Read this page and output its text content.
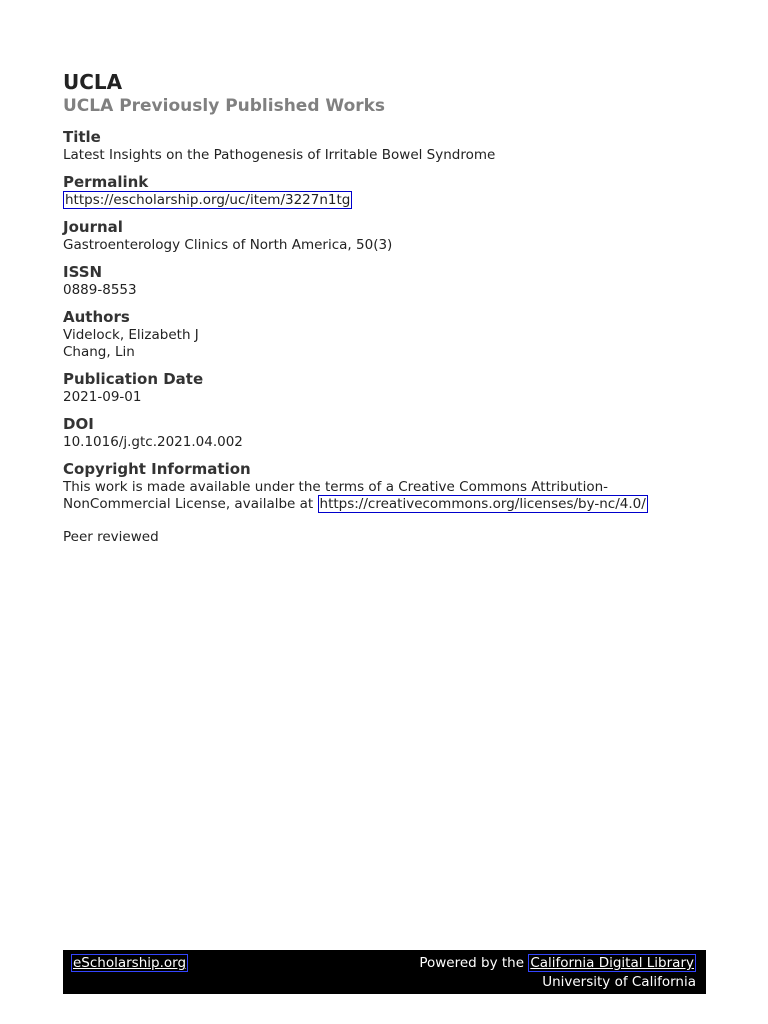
UCLA
UCLA Previously Published Works
Title
Latest Insights on the Pathogenesis of Irritable Bowel Syndrome
Permalink
https://escholarship.org/uc/item/3227n1tg
Journal
Gastroenterology Clinics of North America, 50(3)
ISSN
0889-8553
Authors
Videlock, Elizabeth J
Chang, Lin
Publication Date
2021-09-01
DOI
10.1016/j.gtc.2021.04.002
Copyright Information
This work is made available under the terms of a Creative Commons Attribution-
NonCommercial License, availalbe at https://creativecommons.org/licenses/by-nc/4.0/
Peer reviewed
eScholarship.org	Powered by the California Digital Library
University of California
